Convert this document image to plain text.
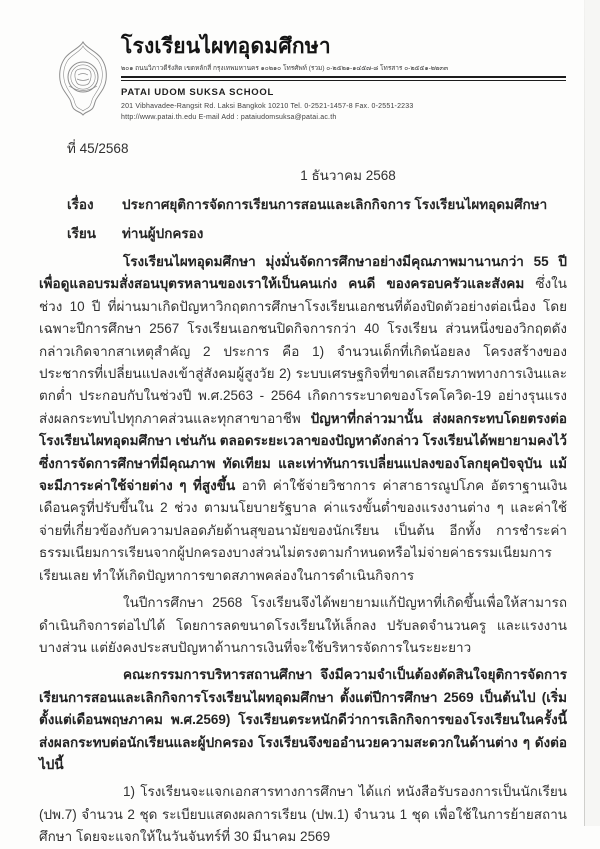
โรงเรียนไผทอุดมศึกษา
๒๐๑ ถนนวิภาวดีรังสิต เขตหลักสี่ กรุงเทพมหานคร ๑๐๒๑๐ โทรศัพท์ (รวม) ๐-๒๕๒๑-๑๔๕๗-๘ โทรสาร ๐-๒๕๕๑-๒๒๓๓
PATAI UDOM SUKSA SCHOOL
201 Vibhavadee-Rangsit Rd. Laksi Bangkok 10210 Tel. 0-2521-1457-8 Fax. 0-2551-2233
http://www.patai.th.edu E-mail Add : pataiudomsuksa@patai.ac.th
ที่ 45/2568
1 ธันวาคม 2568
เรื่อง	ประกาศยุติการจัดการเรียนการสอนและเลิกกิจการ โรงเรียนไผทอุดมศึกษา
เรียน	ท่านผู้ปกครอง

โรงเรียนไผทอุดมศึกษา มุ่งมั่นจัดการศึกษาอย่างมีคุณภาพมานานกว่า 55 ปี เพื่อดูแลอบรมสั่งสอนบุตรหลานของเราให้เป็นคนเก่ง คนดี ของครอบครัวและสังคม ซึ่งในช่วง 10 ปี ที่ผ่านมาเกิดปัญหาวิกฤตการศึกษาโรงเรียนเอกชนที่ต้องปิดตัวอย่างต่อเนื่อง โดยเฉพาะปีการศึกษา 2567 โรงเรียนเอกชนปิดกิจการกว่า 40 โรงเรียน ส่วนหนึ่งของวิกฤตดังกล่าวเกิดจากสาเหตุสำคัญ 2 ประการ คือ 1) จำนวนเด็กที่เกิดน้อยลง โครงสร้างของประชากรที่เปลี่ยนแปลงเข้าสู่สังคมผู้สูงวัย 2) ระบบเศรษฐกิจที่ขาดเสถียรภาพทางการเงินและตกต่ำ ประกอบกับในช่วงปี พ.ศ.2563 - 2564 เกิดการระบาดของโรคโควิด-19 อย่างรุนแรง ส่งผลกระทบไปทุกภาคส่วนและทุกสาขาอาชีพ ปัญหาที่กล่าวมานั้น ส่งผลกระทบโดยตรงต่อโรงเรียนไผทอุดมศึกษา เช่นกัน ตลอดระยะเวลาของปัญหาดังกล่าว โรงเรียนได้พยายามคงไว้ซึ่งการจัดการศึกษาที่มีคุณภาพ ทัดเทียม และเท่าทันการเปลี่ยนแปลงของโลกยุคปัจจุบัน แม้จะมีภาระค่าใช้จ่ายต่าง ๆ ที่สูงขึ้น อาทิ ค่าใช้จ่ายวิชาการ ค่าสาธารณูปโภค อัตราฐานเงินเดือนครูที่ปรับขึ้นใน 2 ช่วง ตามนโยบายรัฐบาล ค่าแรงขั้นต่ำของแรงงานต่าง ๆ และค่าใช้จ่ายที่เกี่ยวข้องกับความปลอดภัยด้านสุขอนามัยของนักเรียน เป็นต้น อีกทั้ง การชำระค่าธรรมเนียมการเรียนจากผู้ปกครองบางส่วนไม่ตรงตามกำหนดหรือไม่จ่ายค่าธรรมเนียมการเรียนเลย ทำให้เกิดปัญหาการขาดสภาพคล่องในการดำเนินกิจการ

ในปีการศึกษา 2568 โรงเรียนจึงได้พยายามแก้ปัญหาที่เกิดขึ้นเพื่อให้สามารถดำเนินกิจการต่อไปได้ โดยการลดขนาดโรงเรียนให้เล็กลง ปรับลดจำนวนครู และแรงงานบางส่วน แต่ยังคงประสบปัญหาด้านการเงินที่จะใช้บริหารจัดการในระยะยาว

คณะกรรมการบริหารสถานศึกษา จึงมีความจำเป็นต้องตัดสินใจยุติการจัดการเรียนการสอนและเลิกกิจการโรงเรียนไผทอุดมศึกษา ตั้งแต่ปีการศึกษา 2569 เป็นต้นไป (เริ่มตั้งแต่เดือนพฤษภาคม พ.ศ.2569) โรงเรียนตระหนักดีว่าการเลิกกิจการของโรงเรียนในครั้งนี้ ส่งผลกระทบต่อนักเรียนและผู้ปกครอง โรงเรียนจึงขออำนวยความสะดวกในด้านต่าง ๆ ดังต่อไปนี้

1) โรงเรียนจะแจกเอกสารทางการศึกษา ได้แก่ หนังสือรับรองการเป็นนักเรียน (ปพ.7) จำนวน 2 ชุด ระเบียบแสดงผลการเรียน (ปพ.1) จำนวน 1 ชุด เพื่อใช้ในการย้ายสถานศึกษา โดยจะแจกให้ในวันจันทร์ที่ 30 มีนาคม 2569
